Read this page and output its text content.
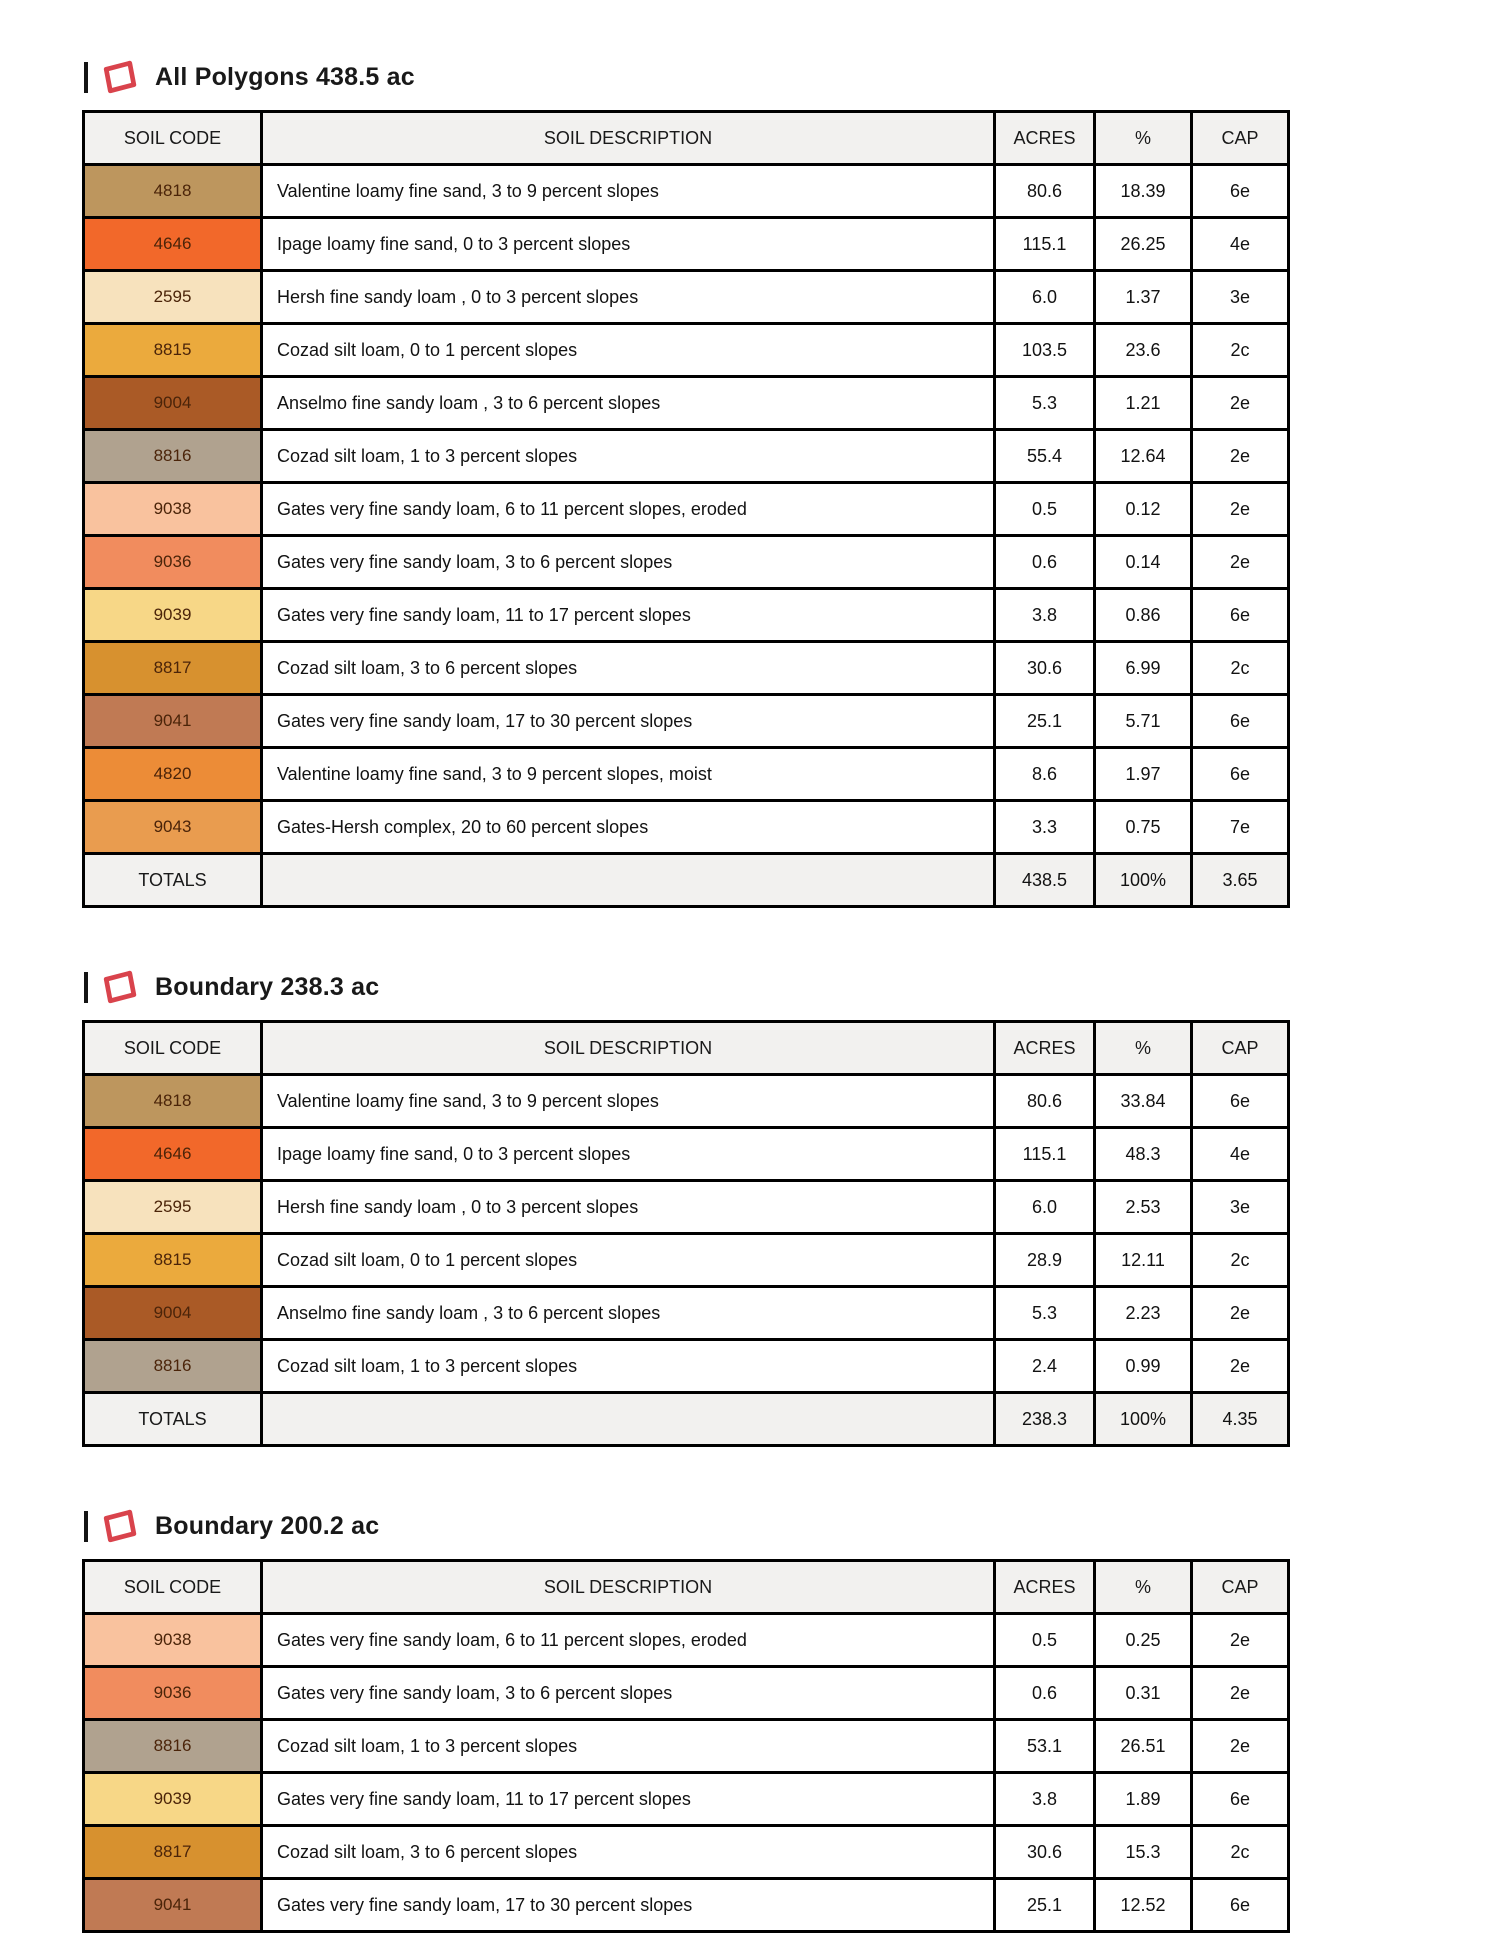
All Polygons 438.5 ac
SOIL CODE	SOIL DESCRIPTION	ACRES	%	CAP
4818	Valentine loamy fine sand, 3 to 9 percent slopes	80.6	18.39	6e
4646	Ipage loamy fine sand, 0 to 3 percent slopes	115.1	26.25	4e
2595	Hersh fine sandy loam , 0 to 3 percent slopes	6.0	1.37	3e
8815	Cozad silt loam, 0 to 1 percent slopes	103.5	23.6	2c
9004	Anselmo fine sandy loam , 3 to 6 percent slopes	5.3	1.21	2e
8816	Cozad silt loam, 1 to 3 percent slopes	55.4	12.64	2e
9038	Gates very fine sandy loam, 6 to 11 percent slopes, eroded	0.5	0.12	2e
9036	Gates very fine sandy loam, 3 to 6 percent slopes	0.6	0.14	2e
9039	Gates very fine sandy loam, 11 to 17 percent slopes	3.8	0.86	6e
8817	Cozad silt loam, 3 to 6 percent slopes	30.6	6.99	2c
9041	Gates very fine sandy loam, 17 to 30 percent slopes	25.1	5.71	6e
4820	Valentine loamy fine sand, 3 to 9 percent slopes, moist	8.6	1.97	6e
9043	Gates-Hersh complex, 20 to 60 percent slopes	3.3	0.75	7e
TOTALS		438.5	100%	3.65
Boundary 238.3 ac
SOIL CODE	SOIL DESCRIPTION	ACRES	%	CAP
4818	Valentine loamy fine sand, 3 to 9 percent slopes	80.6	33.84	6e
4646	Ipage loamy fine sand, 0 to 3 percent slopes	115.1	48.3	4e
2595	Hersh fine sandy loam , 0 to 3 percent slopes	6.0	2.53	3e
8815	Cozad silt loam, 0 to 1 percent slopes	28.9	12.11	2c
9004	Anselmo fine sandy loam , 3 to 6 percent slopes	5.3	2.23	2e
8816	Cozad silt loam, 1 to 3 percent slopes	2.4	0.99	2e
TOTALS		238.3	100%	4.35
Boundary 200.2 ac
SOIL CODE	SOIL DESCRIPTION	ACRES	%	CAP
9038	Gates very fine sandy loam, 6 to 11 percent slopes, eroded	0.5	0.25	2e
9036	Gates very fine sandy loam, 3 to 6 percent slopes	0.6	0.31	2e
8816	Cozad silt loam, 1 to 3 percent slopes	53.1	26.51	2e
9039	Gates very fine sandy loam, 11 to 17 percent slopes	3.8	1.89	6e
8817	Cozad silt loam, 3 to 6 percent slopes	30.6	15.3	2c
9041	Gates very fine sandy loam, 17 to 30 percent slopes	25.1	12.52	6e
